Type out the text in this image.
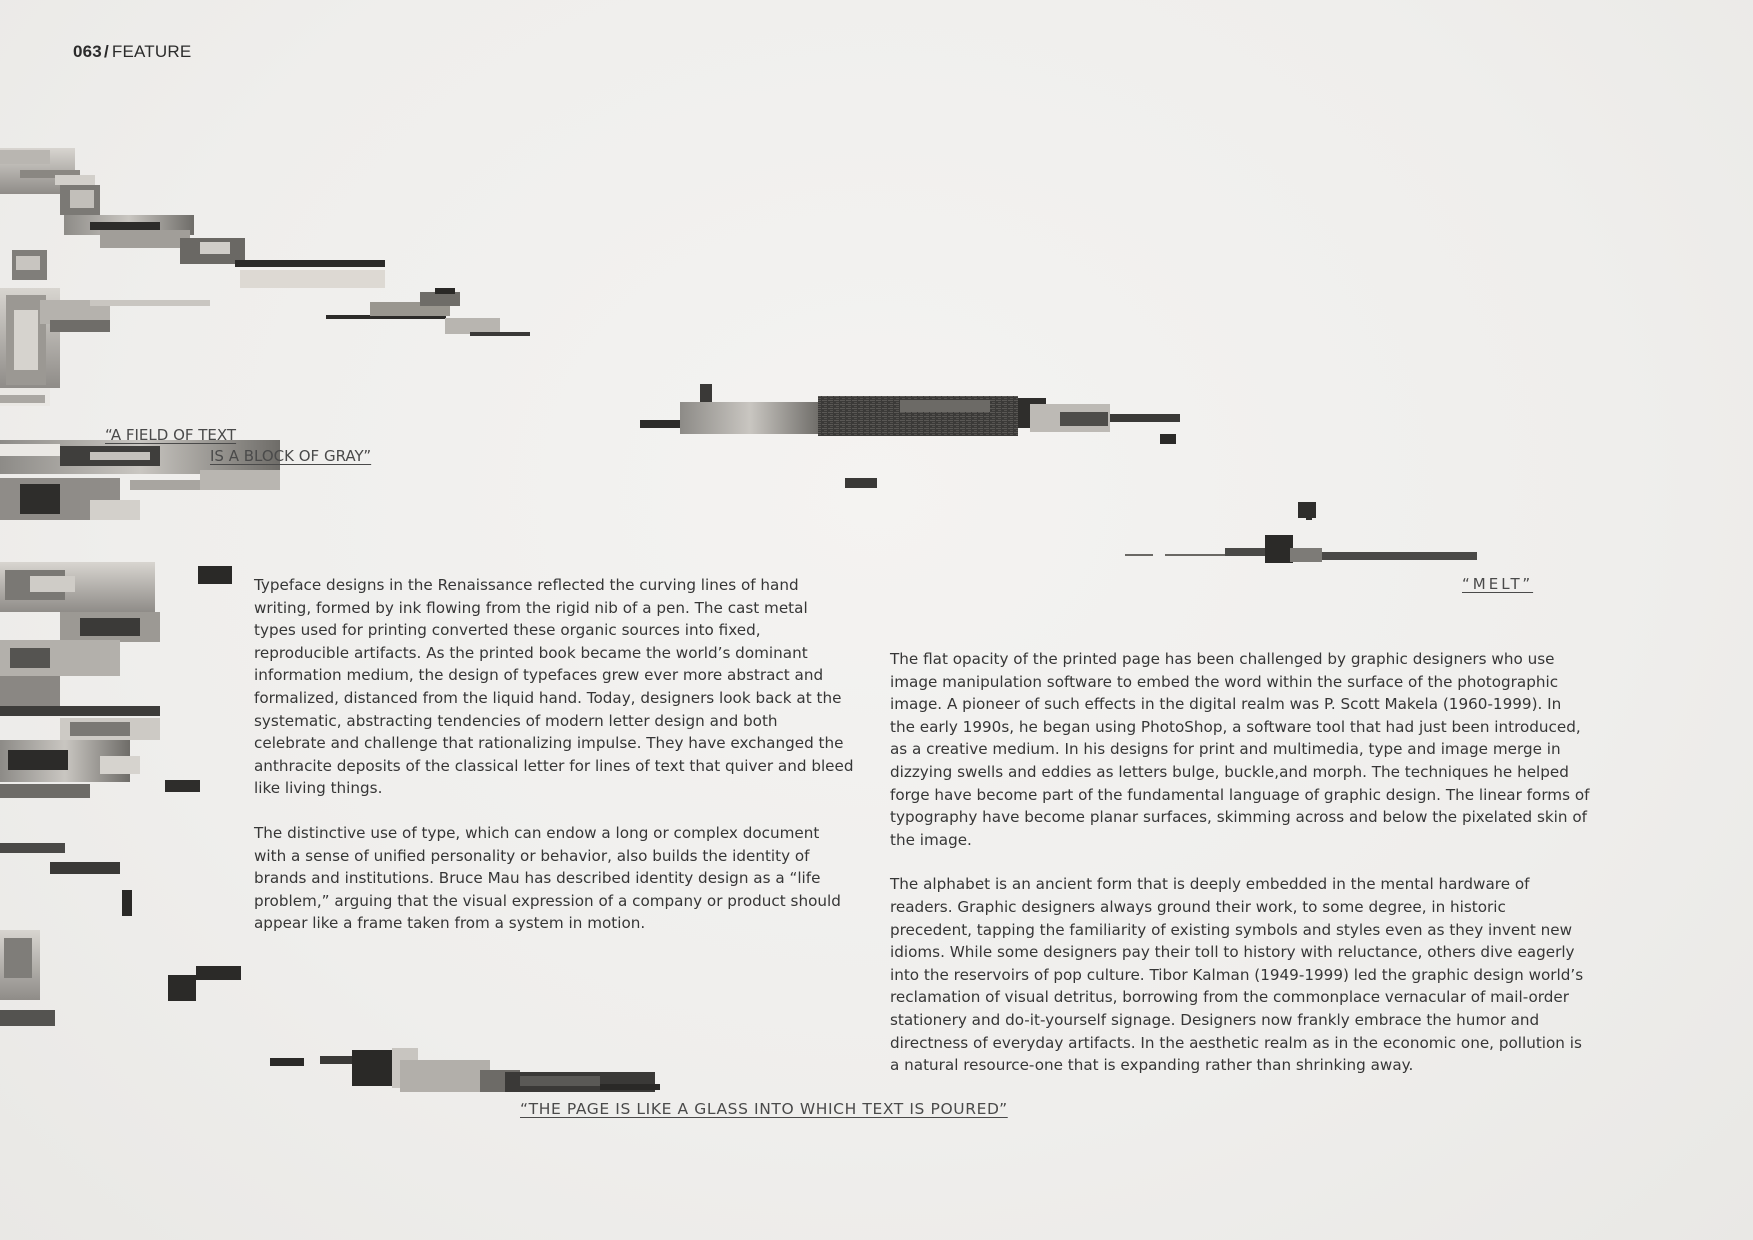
063 / FEATURE
“A FIELD OF TEXT
IS A BLOCK OF GRAY”
“MELT”
“THE PAGE IS LIKE A GLASS INTO WHICH TEXT IS POURED”

Typeface designs in the Renaissance reflected the curving lines of hand writing, formed by ink flowing from the rigid nib of a pen. The cast metal types used for printing converted these organic sources into fixed, reproducible artifacts. As the printed book became the world’s dominant information medium, the design of typefaces grew ever more abstract and formalized, distanced from the liquid hand. Today, designers look back at the systematic, abstracting tendencies of modern letter design and both celebrate and challenge that rationalizing impulse. They have exchanged the anthracite deposits of the classical letter for lines of text that quiver and bleed like living things.

The distinctive use of type, which can endow a long or complex document with a sense of unified personality or behavior, also builds the identity of brands and institutions. Bruce Mau has described identity design as a “life problem,” arguing that the visual expression of a company or product should appear like a frame taken from a system in motion.

The flat opacity of the printed page has been challenged by graphic designers who use image manipulation software to embed the word within the surface of the photographic image. A pioneer of such effects in the digital realm was P. Scott Makela (1960-1999). In the early 1990s, he began using PhotoShop, a software tool that had just been introduced, as a creative medium. In his designs for print and multimedia, type and image merge in dizzying swells and eddies as letters bulge, buckle,and morph. The techniques he helped forge have become part of the fundamental language of graphic design. The linear forms of typography have become planar surfaces, skimming across and below the pixelated skin of the image.

The alphabet is an ancient form that is deeply embedded in the mental hardware of readers. Graphic designers always ground their work, to some degree, in historic precedent, tapping the familiarity of existing symbols and styles even as they invent new idioms. While some designers pay their toll to history with reluctance, others dive eagerly into the reservoirs of pop culture. Tibor Kalman (1949-1999) led the graphic design world’s reclamation of visual detritus, borrowing from the commonplace vernacular of mail-order stationery and do-it-yourself signage. Designers now frankly embrace the humor and directness of everyday artifacts. In the aesthetic realm as in the economic one, pollution is a natural resource-one that is expanding rather than shrinking away.
